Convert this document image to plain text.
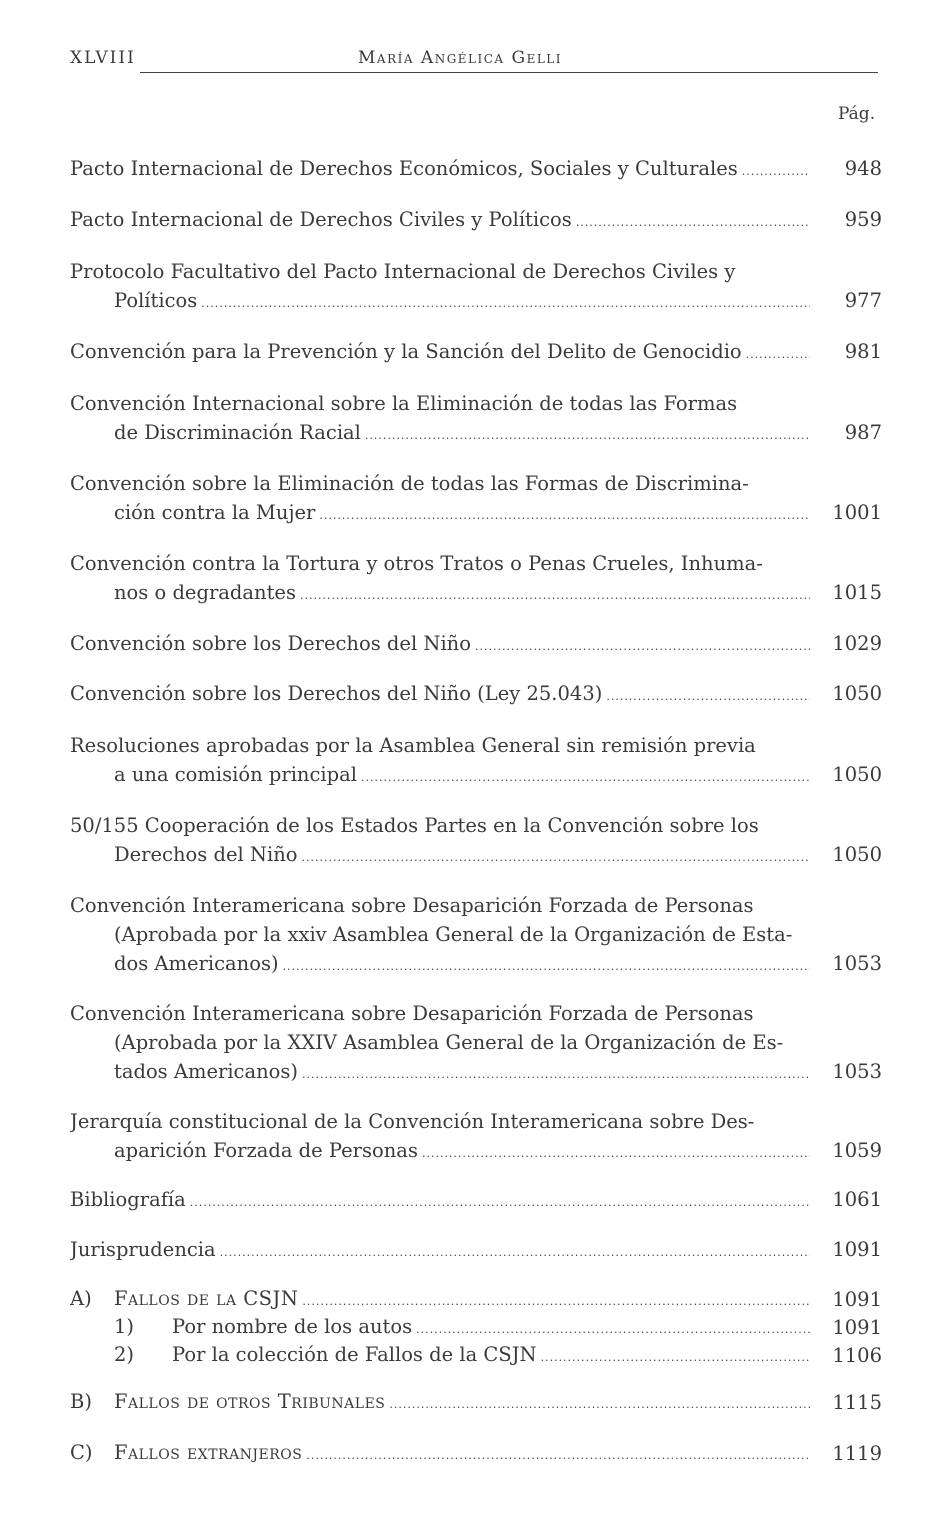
XLVIII	María Angélica Gelli
Pág.
Pacto Internacional de Derechos Económicos, Sociales y Culturales .....	948
Pacto Internacional de Derechos Civiles y Políticos .....	959
Protocolo Facultativo del Pacto Internacional de Derechos Civiles y
Políticos .....	977
Convención para la Prevención y la Sanción del Delito de Genocidio .....	981
Convención Internacional sobre la Eliminación de todas las Formas
de Discriminación Racial .....	987
Convención sobre la Eliminación de todas las Formas de Discrimina-
ción contra la Mujer .....	1001
Convención contra la Tortura y otros Tratos o Penas Crueles, Inhuma-
nos o degradantes .....	1015
Convención sobre los Derechos del Niño .....	1029
Convención sobre los Derechos del Niño (Ley 25.043) .....	1050
Resoluciones aprobadas por la Asamblea General sin remisión previa
a una comisión principal .....	1050
50/155 Cooperación de los Estados Partes en la Convención sobre los
Derechos del Niño .....	1050
Convención Interamericana sobre Desaparición Forzada de Personas
(Aprobada por la xxiv Asamblea General de la Organización de Esta-
dos Americanos) .....	1053
Convención Interamericana sobre Desaparición Forzada de Personas
(Aprobada por la XXIV Asamblea General de la Organización de Es-
tados Americanos) .....	1053
Jerarquía constitucional de la Convención Interamericana sobre Des-
aparición Forzada de Personas .....	1059
Bibliografía .....	1061
Jurisprudencia .....	1091
A)	Fallos de la CSJN .....	1091
1)	Por nombre de los autos .....	1091
2)	Por la colección de Fallos de la CSJN .....	1106
B)	Fallos de otros Tribunales .....	1115
C)	Fallos extranjeros .....	1119
